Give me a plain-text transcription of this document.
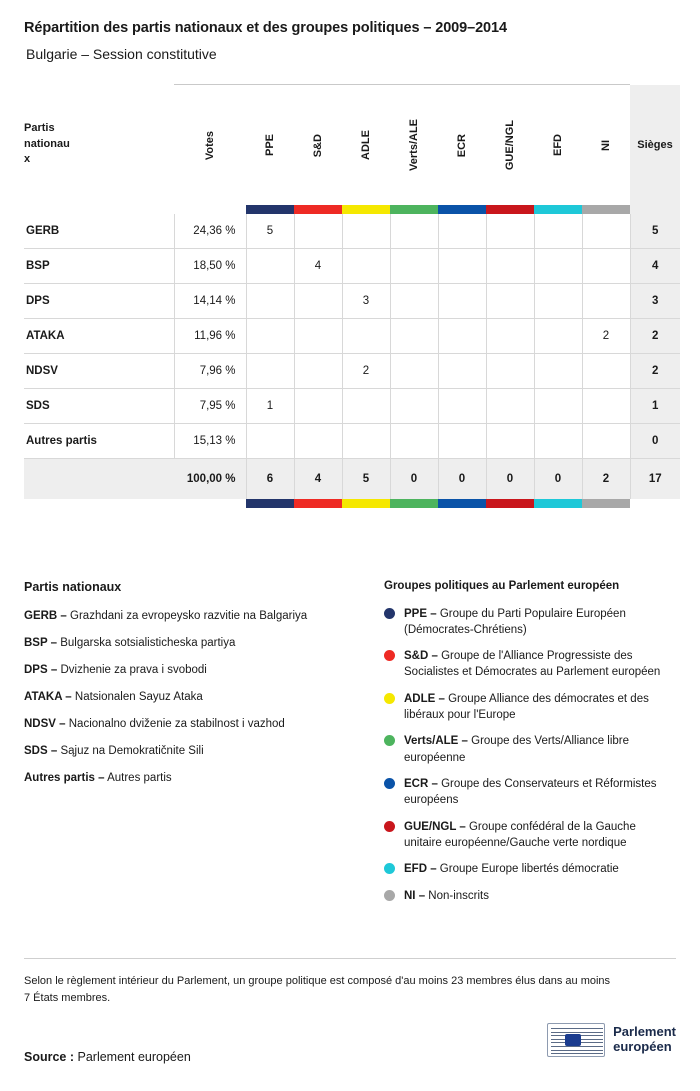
Répartition des partis nationaux et des groupes politiques – 2009–2014
Bulgarie – Session constitutive
Partis
nationau
x	Votes	PPE	S&D	ADLE	Verts/ALE	ECR	GUE/NGL	EFD	NI	Sièges

GERB	24,36 %	5								5
BSP	18,50 %		4							4
DPS	14,14 %			3						3
ATAKA	11,96 %								2	2
NDSV	7,96 %			2						2
SDS	7,95 %	1								1
Autres partis	15,13 %									0
	100,00 %	6	4	5	0	0	0	0	2	17

Partis nationaux
GERB – Grazhdani za evropeysko razvitie na Balgariya
BSP – Bulgarska sotsialisticheska partiya
DPS – Dvizhenie za prava i svobodi
ATAKA – Natsionalen Sayuz Ataka
NDSV – Nacionalno dviženie za stabilnost i vazhod
SDS – Sąjuz na Demokratičnite Sili
Autres partis – Autres partis
Groupes politiques au Parlement européen
PPE – Groupe du Parti Populaire Européen (Démocrates-Chrétiens)
S&D – Groupe de l'Alliance Progressiste des Socialistes et Démocrates au Parlement européen
ADLE – Groupe Alliance des démocrates et des libéraux pour l'Europe
Verts/ALE – Groupe des Verts/Alliance libre européenne
ECR – Groupe des Conservateurs et Réformistes européens
GUE/NGL – Groupe confédéral de la Gauche unitaire européenne/Gauche verte nordique
EFD – Groupe Europe libertés démocratie
NI – Non-inscrits
Selon le règlement intérieur du Parlement, un groupe politique est composé d'au moins 23 membres élus dans au moins 7 États membres.
Source : Parlement européen
Parlement
européen
